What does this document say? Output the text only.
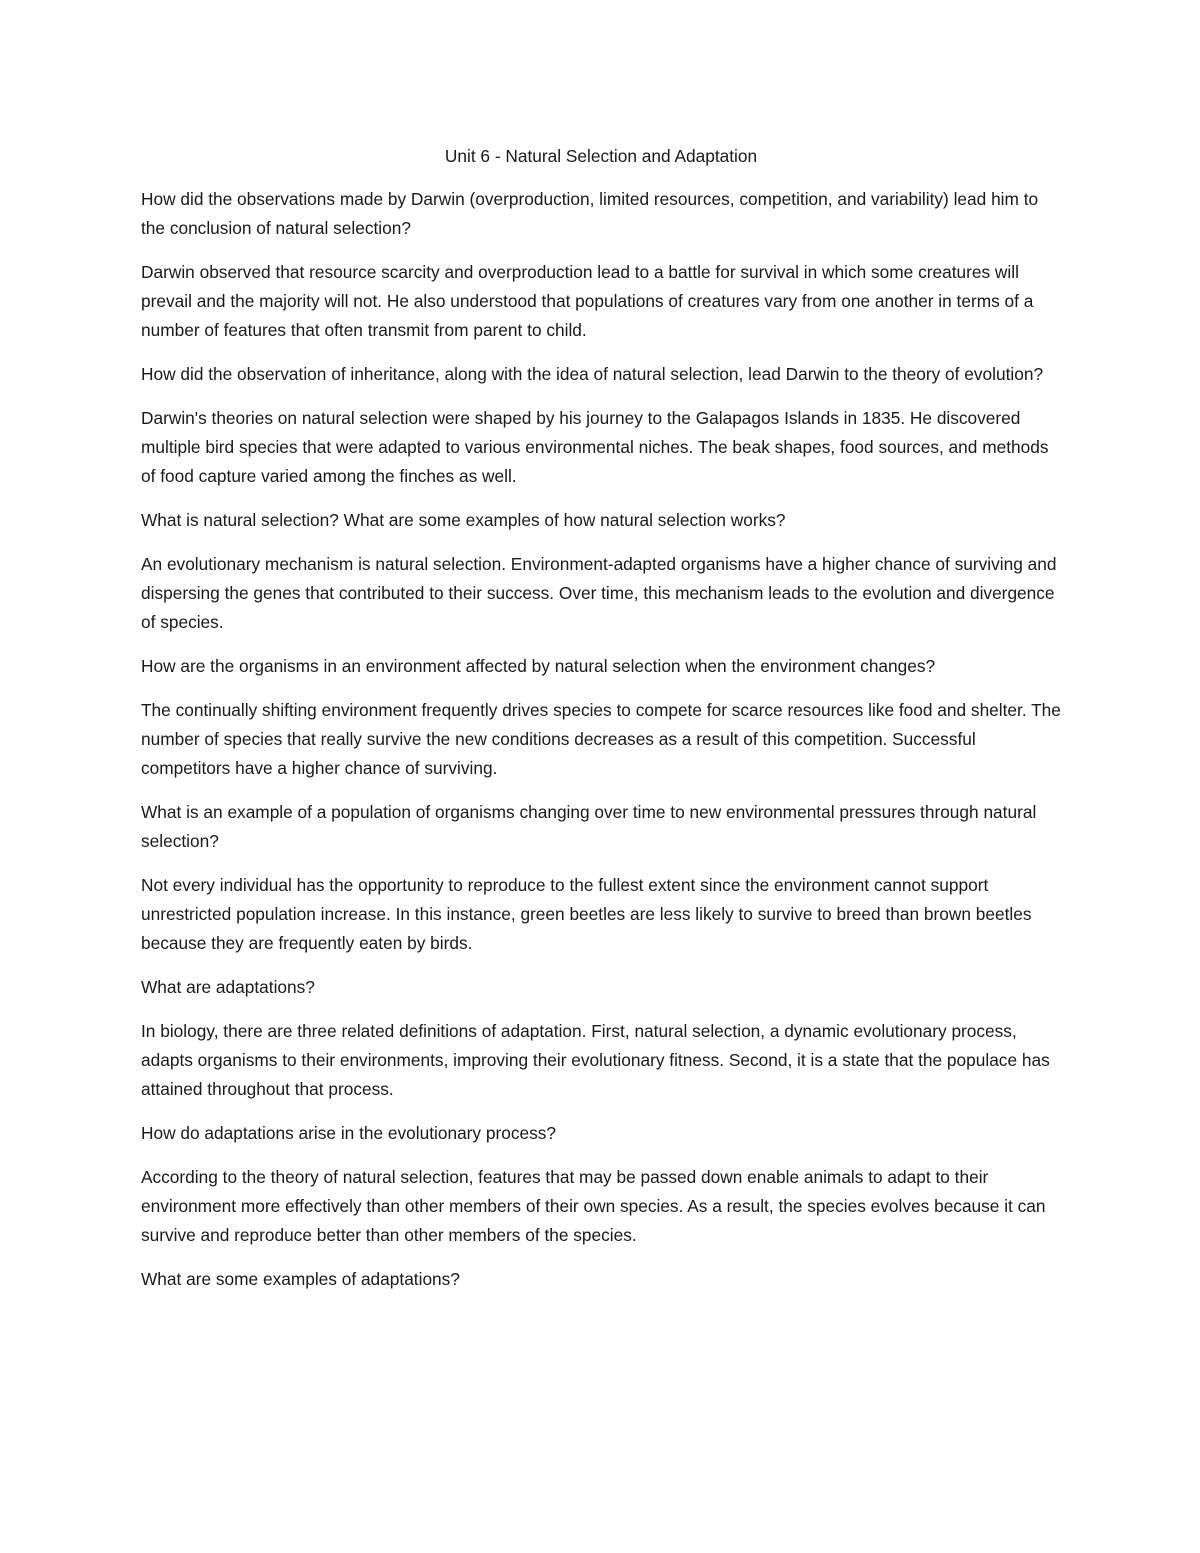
Unit 6 - Natural Selection and Adaptation

How did the observations made by Darwin (overproduction, limited resources, competition, and variability) lead him to the conclusion of natural selection?

Darwin observed that resource scarcity and overproduction lead to a battle for survival in which some creatures will prevail and the majority will not. He also understood that populations of creatures vary from one another in terms of a number of features that often transmit from parent to child.

How did the observation of inheritance, along with the idea of natural selection, lead Darwin to the theory of evolution?

Darwin's theories on natural selection were shaped by his journey to the Galapagos Islands in 1835. He discovered multiple bird species that were adapted to various environmental niches. The beak shapes, food sources, and methods of food capture varied among the finches as well.

What is natural selection? What are some examples of how natural selection works?

An evolutionary mechanism is natural selection. Environment-adapted organisms have a higher chance of surviving and dispersing the genes that contributed to their success. Over time, this mechanism leads to the evolution and divergence of species.

How are the organisms in an environment affected by natural selection when the environment changes?

The continually shifting environment frequently drives species to compete for scarce resources like food and shelter. The number of species that really survive the new conditions decreases as a result of this competition. Successful competitors have a higher chance of surviving.

What is an example of a population of organisms changing over time to new environmental pressures through natural selection?

Not every individual has the opportunity to reproduce to the fullest extent since the environment cannot support unrestricted population increase. In this instance, green beetles are less likely to survive to breed than brown beetles because they are frequently eaten by birds.

What are adaptations?

In biology, there are three related definitions of adaptation. First, natural selection, a dynamic evolutionary process, adapts organisms to their environments, improving their evolutionary fitness. Second, it is a state that the populace has attained throughout that process.

How do adaptations arise in the evolutionary process?

According to the theory of natural selection, features that may be passed down enable animals to adapt to their environment more effectively than other members of their own species. As a result, the species evolves because it can survive and reproduce better than other members of the species.

What are some examples of adaptations?
